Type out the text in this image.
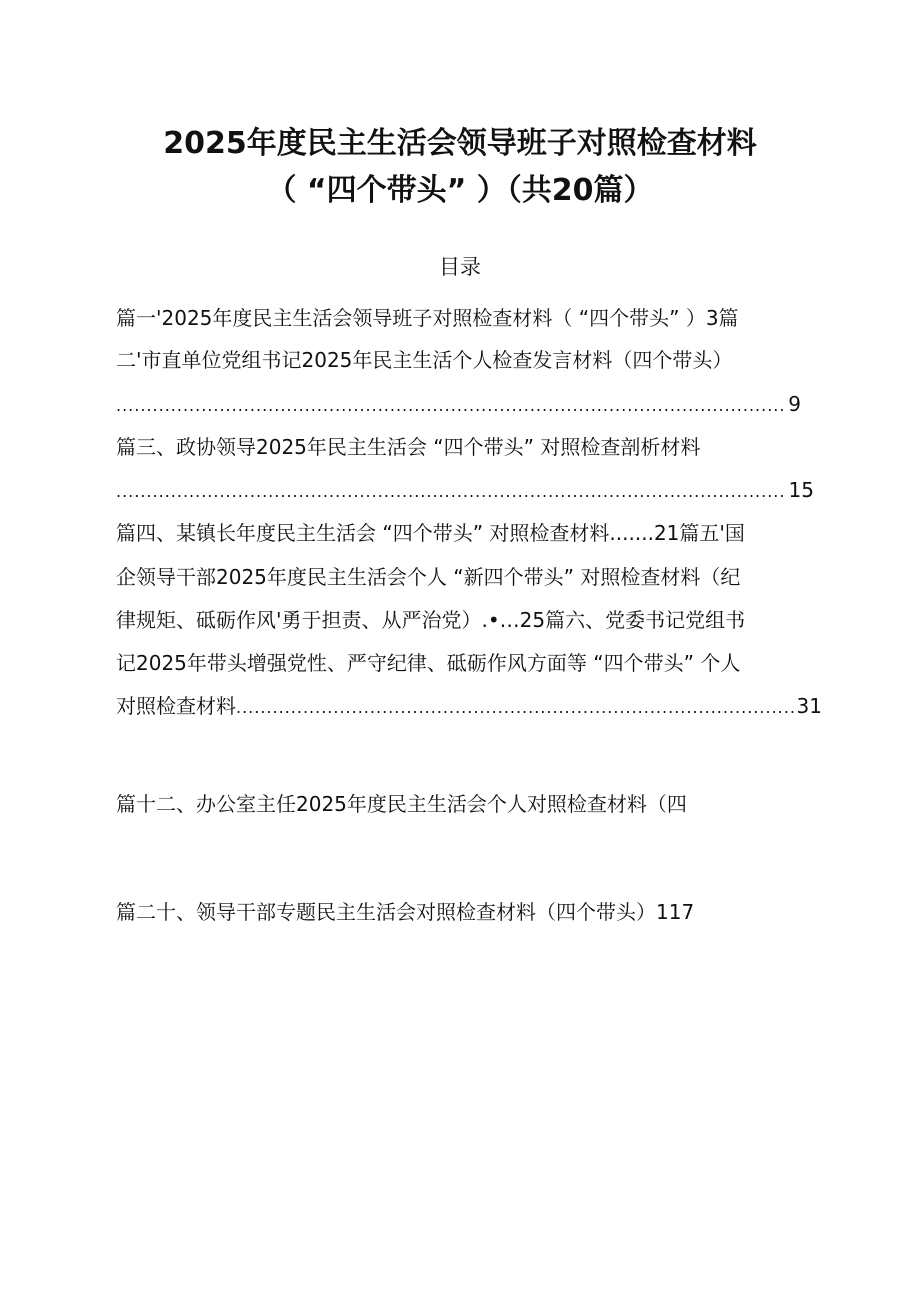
2025年度民主生活会领导班子对照检查材料
（ “四个带头” ）（共20篇）
目录
篇一'2025年度民主生活会领导班子对照检查材料（ “四个带头” ）3篇
二'市直单位党组书记2025年民主生活个人检查发言材料（四个带头）
.....
9
篇三、政协领导2025年民主生活会 “四个带头” 对照检查剖析材料
.....
15
篇四、某镇长年度民主生活会 “四个带头” 对照检查材料.......21篇五'国
企领导干部2025年度民主生活会个人 “新四个带头” 对照检查材料（纪
律规矩、砥砺作风'勇于担责、从严治党）.•…25篇六、党委书记党组书
记2025年带头增强党性、严守纪律、砥砺作风方面等 “四个带头” 个人
对照检查材料
.....	31
篇十二、办公室主任2025年度民主生活会个人对照检查材料（四
篇二十、领导干部专题民主生活会对照检查材料（四个带头）117
